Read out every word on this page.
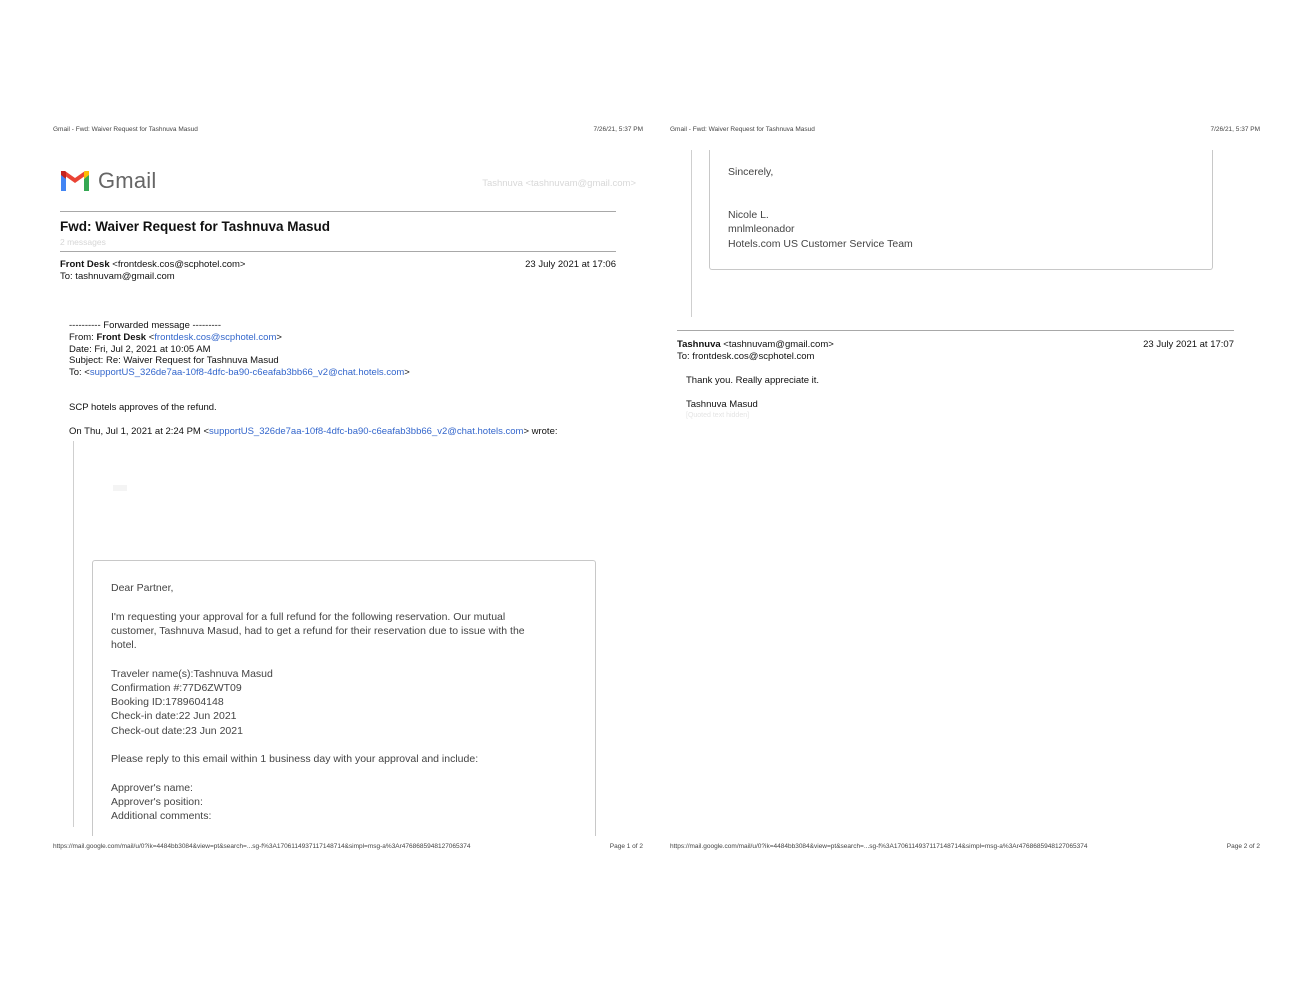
Gmail - Fwd: Waiver Request for Tashnuva Masud	7/26/21, 5:37 PM
Gmail	Tashnuva <tashnuvam@gmail.com>
Fwd: Waiver Request for Tashnuva Masud
2 messages
Front Desk <frontdesk.cos@scphotel.com>
To: tashnuvam@gmail.com
23 July 2021 at 17:06
---------- Forwarded message ---------
From: Front Desk <frontdesk.cos@scphotel.com>
Date: Fri, Jul 2, 2021 at 10:05 AM
Subject: Re: Waiver Request for Tashnuva Masud
To: <supportUS_326de7aa-10f8-4dfc-ba90-c6eafab3bb66_v2@chat.hotels.com>
SCP hotels approves of the refund.
On Thu, Jul 1, 2021 at 2:24 PM <supportUS_326de7aa-10f8-4dfc-ba90-c6eafab3bb66_v2@chat.hotels.com> wrote:
Dear Partner,
I'm requesting your approval for a full refund for the following reservation. Our mutual
customer, Tashnuva Masud, had to get a refund for their reservation due to issue with the
hotel.
Traveler name(s):Tashnuva Masud
Confirmation #:77D6ZWT09
Booking ID:1789604148
Check-in date:22 Jun 2021
Check-out date:23 Jun 2021
Please reply to this email within 1 business day with your approval and include:
Approver's name:
Approver's position:
Additional comments:
https://mail.google.com/mail/u/0?ik=4484bb3084&view=pt&search=...sg-f%3A1706114937117148714&simpl=msg-a%3Ar4768685948127065374	Page 1 of 2
Gmail - Fwd: Waiver Request for Tashnuva Masud	7/26/21, 5:37 PM
Sincerely,
Nicole L.
mnlmleonador
Hotels.com US Customer Service Team
Tashnuva <tashnuvam@gmail.com>
To: frontdesk.cos@scphotel.com
23 July 2021 at 17:07
Thank you. Really appreciate it.
Tashnuva Masud
[Quoted text hidden]
https://mail.google.com/mail/u/0?ik=4484bb3084&view=pt&search=...sg-f%3A1706114937117148714&simpl=msg-a%3Ar4768685948127065374	Page 2 of 2
